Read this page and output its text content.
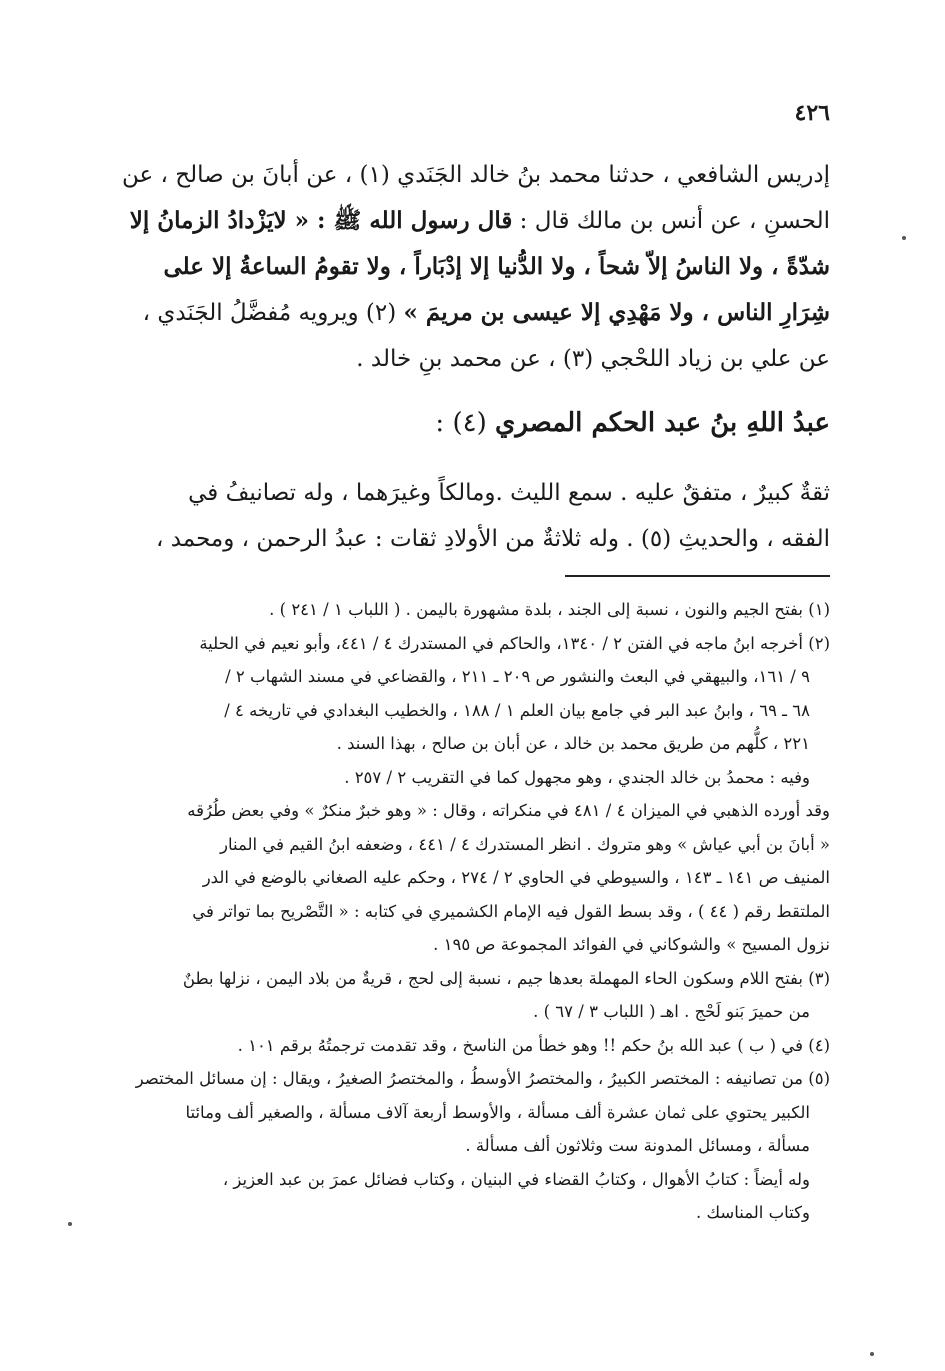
٤٢٦

إدريس الشافعي ، حدثنا محمد بنُ خالد الجَنَدي (١) ، عن أبانَ بن صالح ، عن

الحسنِ ، عن أنس بن مالك قال : قال رسول الله ﷺ : « لايَزْدادُ الزمانُ إلا

شدّةً ، ولا الناسُ إلاّ شحاً ، ولا الدُّنيا إلا إدْبَاراً ، ولا تقومُ الساعةُ إلا على

شِرَارِ الناس ، ولا مَهْدِي إلا عيسى بن مريمَ » (٢) ويرويه مُفضَّلُ الجَنَدي ،

عن علي بن زياد اللحْجي (٣) ، عن محمد بنِ خالد .

عبدُ اللهِ بنُ عبد الحكم المصري (٤) :

ثقةٌ كبيرٌ ، متفقٌ عليه . سمع الليث .ومالكاً وغيرَهما ، وله تصانيفُ في

الفقه ، والحديثِ (٥) . وله ثلاثةٌ من الأولادِ ثقات : عبدُ الرحمن ، ومحمد ،

(١) بفتح الجيم والنون ، نسبة إلى الجند ، بلدة مشهورة باليمن . ( اللباب ١ / ٢٤١ ) .

(٢) أخرجه ابنُ ماجه في الفتن ٢ / ١٣٤٠، والحاكم في المستدرك ٤ / ٤٤١، وأبو نعيم في الحلية

٩ / ١٦١، والبيهقي في البعث والنشور ص ٢٠٩ ـ ٢١١ ، والقضاعي في مسند الشهاب ٢ /

٦٨ ـ ٦٩ ، وابنُ عبد البر في جامع بيان العلم ١ / ١٨٨ ، والخطيب البغدادي في تاريخه ٤ /

٢٢١ ، كلُّهم من طريق محمد بن خالد ، عن أبان بن صالح ، بهذا السند .

وفيه : محمدُ بن خالد الجندي ، وهو مجهول كما في التقريب ٢ / ٢٥٧ .

وقد أورده الذهبي في الميزان ٤ / ٤٨١ في منكراته ، وقال : « وهو خبرٌ منكرٌ » وفي بعض طُرُقه

« أبانَ بن أبي عياش » وهو متروك . انظر المستدرك ٤ / ٤٤١ ، وضعفه ابنُ القيم في المنار

المنيف ص ١٤١ ـ ١٤٣ ، والسيوطي في الحاوي ٢ / ٢٧٤ ، وحكم عليه الصغاني بالوضع في الدر

الملتقط رقم ( ٤٤ ) ، وقد بسط القول فيه الإمام الكشميري في كتابه : « التَّصْريح بما تواتر في

نزول المسيح » والشوكاني في الفوائد المجموعة ص ١٩٥ .

(٣) بفتح اللام وسكون الحاء المهملة بعدها جيم ، نسبة إلى لحج ، قريةٌ من بلاد اليمن ، نزلها بطنٌ

من حميرَ بَنو لَحْج . اهـ ( اللباب ٣ / ٦٧ ) .

(٤) في ( ب ) عبد الله بنُ حكم !! وهو خطأ من الناسخ ، وقد تقدمت ترجمتُهُ برقم ١٠١ .

(٥) من تصانيفه : المختصر الكبيرُ ، والمختصرُ الأوسطُ ، والمختصرُ الصغيرُ ، ويقال : إن مسائل المختصر

الكبير يحتوي على ثمان عشرة ألف مسألة ، والأوسط أربعة آلاف مسألة ، والصغير ألف ومائتا

مسألة ، ومسائل المدونة ست وثلاثون ألف مسألة .

وله أيضاً : كتابُ الأهوال ، وكتابُ القضاء في البنيان ، وكتاب فضائل عمرَ بن عبد العزيز ،

وكتاب المناسك .
